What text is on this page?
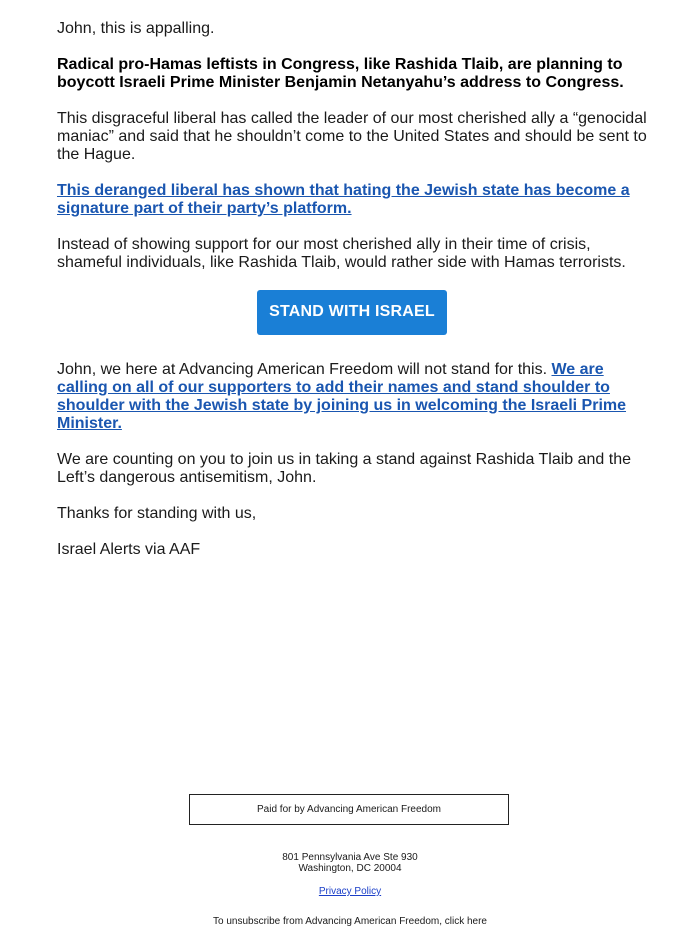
John, this is appalling.

Radical pro-Hamas leftists in Congress, like Rashida Tlaib, are planning to boycott Israeli Prime Minister Benjamin Netanyahu’s address to Congress.

This disgraceful liberal has called the leader of our most cherished ally a “genocidal maniac” and said that he shouldn’t come to the United States and should be sent to the Hague.

This deranged liberal has shown that hating the Jewish state has become a signature part of their party’s platform.

Instead of showing support for our most cherished ally in their time of crisis, shameful individuals, like Rashida Tlaib, would rather side with Hamas terrorists.

STAND WITH ISRAEL

John, we here at Advancing American Freedom will not stand for this. We are calling on all of our supporters to add their names and stand shoulder to shoulder with the Jewish state by joining us in welcoming the Israeli Prime Minister.

We are counting on you to join us in taking a stand against Rashida Tlaib and the Left’s dangerous antisemitism, John.

Thanks for standing with us,

Israel Alerts via AAF

Paid for by Advancing American Freedom
801 Pennsylvania Ave Ste 930
Washington, DC 20004
Privacy Policy
To unsubscribe from Advancing American Freedom, click here
